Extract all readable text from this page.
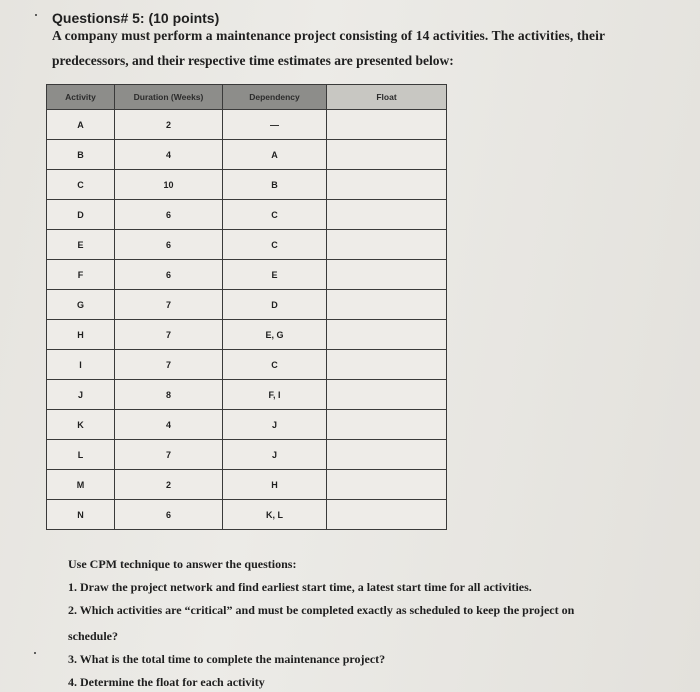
Questions# 5: (10 points)
A company must perform a maintenance project consisting of 14 activities. The activities, their
predecessors, and their respective time estimates are presented below:
Activity	Duration (Weeks)	Dependency	Float
A	2	—	
B	4	A	
C	10	B	
D	6	C	
E	6	C	
F	6	E	
G	7	D	
H	7	E, G	
I	7	C	
J	8	F, I	
K	4	J	
L	7	J	
M	2	H	
N	6	K, L	
Use CPM technique to answer the questions:
1. Draw the project network and find earliest start time, a latest start time for all activities.
2. Which activities are “critical” and must be completed exactly as scheduled to keep the project on
schedule?
3. What is the total time to complete the maintenance project?
4. Determine the float for each activity
